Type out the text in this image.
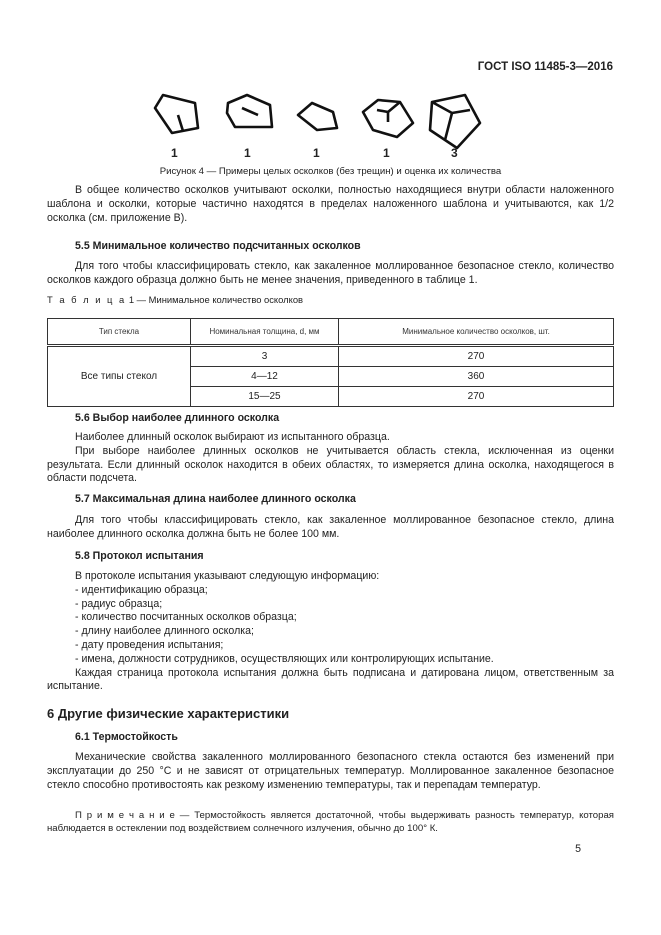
ГОСТ ISO 11485-3—2016
1	1	1	1	3
Рисунок 4 — Примеры целых осколков (без трещин) и оценка их количества
В общее количество осколков учитывают осколки, полностью находящиеся внутри области наложенного шаблона и осколки, которые частично находятся в пределах наложенного шаблона и учитываются, как 1/2 осколка (см. приложение В).
5.5 Минимальное количество подсчитанных осколков
Для того чтобы классифицировать стекло, как закаленное моллированное безопасное стекло, количество осколков каждого образца должно быть не менее значения, приведенного в таблице 1.
Т а б л и ц а 1 — Минимальное количество осколков
Тип стекла	Номинальная толщина, d, мм	Минимальное количество осколков, шт.
Все типы стекол	3	270
	4—12	360
	15—25	270
5.6 Выбор наиболее длинного осколка
Наиболее длинный осколок выбирают из испытанного образца.
При выборе наиболее длинных осколков не учитывается область стекла, исключенная из оценки результата. Если длинный осколок находится в обеих областях, то измеряется длина осколка, находящегося в области подсчета.
5.7 Максимальная длина наиболее длинного осколка
Для того чтобы классифицировать стекло, как закаленное моллированное безопасное стекло, длина наиболее длинного осколка должна быть не более 100 мм.
5.8 Протокол испытания
В протоколе испытания указывают следующую информацию:
- идентификацию образца;
- радиус образца;
- количество посчитанных осколков образца;
- длину наиболее длинного осколка;
- дату проведения испытания;
- имена, должности сотрудников, осуществляющих или контролирующих испытание.
Каждая страница протокола испытания должна быть подписана и датирована лицом, ответственным за испытание.
6 Другие физические характеристики
6.1 Термостойкость
Механические свойства закаленного моллированного безопасного стекла остаются без изменений при эксплуатации до 250 °С и не зависят от отрицательных температур. Моллированное закаленное безопасное стекло способно противостоять как резкому изменению температуры, так и перепадам температур.
П р и м е ч а н и е — Термостойкость является достаточной, чтобы выдерживать разность температур, которая наблюдается в остеклении под воздействием солнечного излучения, обычно до 100° К.
5
